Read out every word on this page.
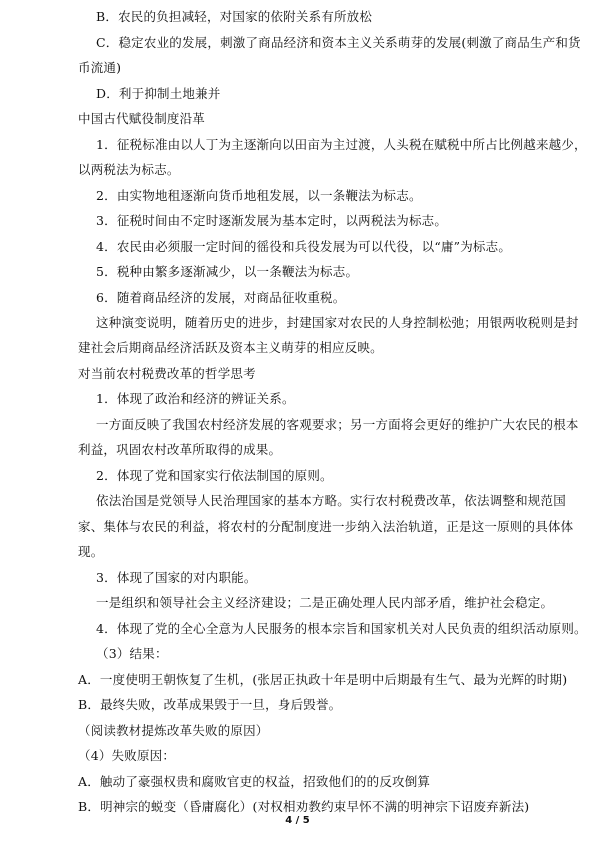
B．农民的负担减轻，对国家的依附关系有所放松
C．稳定农业的发展，刺激了商品经济和资本主义关系萌芽的发展(刺激了商品生产和货
币流通)
D．利于抑制土地兼并
中国古代赋役制度沿革
1．征税标准由以人丁为主逐渐向以田亩为主过渡，人头税在赋税中所占比例越来越少，
以两税法为标志。
2．由实物地租逐渐向货币地租发展，以一条鞭法为标志。
3．征税时间由不定时逐渐发展为基本定时，以两税法为标志。
4．农民由必须服一定时间的徭役和兵役发展为可以代役，以“庸”为标志。
5．税种由繁多逐渐减少，以一条鞭法为标志。
6．随着商品经济的发展，对商品征收重税。
这种演变说明，随着历史的进步，封建国家对农民的人身控制松弛；用银两收税则是封
建社会后期商品经济活跃及资本主义萌芽的相应反映。
对当前农村税费改革的哲学思考
1．体现了政治和经济的辨证关系。
一方面反映了我国农村经济发展的客观要求；另一方面将会更好的维护广大农民的根本
利益，巩固农村改革所取得的成果。
2．体现了党和国家实行依法制国的原则。
依法治国是党领导人民治理国家的基本方略。实行农村税费改革，依法调整和规范国
家、集体与农民的利益，将农村的分配制度进一步纳入法治轨道，正是这一原则的具体体
现。
3．体现了国家的对内职能。
一是组织和领导社会主义经济建设；二是正确处理人民内部矛盾，维护社会稳定。
4．体现了党的全心全意为人民服务的根本宗旨和国家机关对人民负责的组织活动原则。
（3）结果：
A．一度使明王朝恢复了生机，(张居正执政十年是明中后期最有生气、最为光辉的时期)
B．最终失败，改革成果毁于一旦，身后毁誉。
（阅读教材提炼改革失败的原因）
（4）失败原因：
A．触动了豪强权贵和腐败官吏的权益，招致他们的的反攻倒算
B．明神宗的蜕变（昏庸腐化）(对权相劝教约束早怀不满的明神宗下诏废弃新法)
4 / 5
